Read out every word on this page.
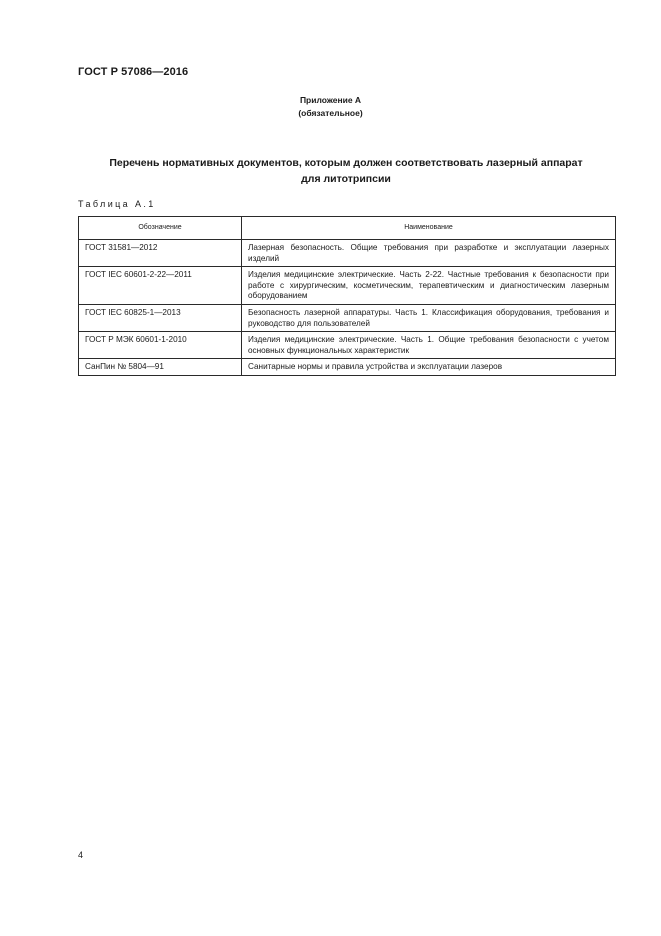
ГОСТ Р 57086—2016
Приложение А
(обязательное)
Перечень нормативных документов, которым должен соответствовать лазерный аппарат
для литотрипсии
Таблица А.1
Обозначение	Наименование
ГОСТ 31581—2012	Лазерная безопасность. Общие требования при разработке и эксплуатации лазерных изделий
ГОСТ IEC 60601-2-22—2011	Изделия медицинские электрические. Часть 2-22. Частные требования к безопасности при работе с хирургическим, косметическим, терапевтическим и диагностическим лазерным оборудованием
ГОСТ IEC 60825-1—2013	Безопасность лазерной аппаратуры. Часть 1. Классификация оборудования, требования и руководство для пользователей
ГОСТ Р МЭК 60601-1-2010	Изделия медицинские электрические. Часть 1. Общие требования безопасности с учетом основных функциональных характеристик
СанПин № 5804—91	Санитарные нормы и правила устройства и эксплуатации лазеров
4
